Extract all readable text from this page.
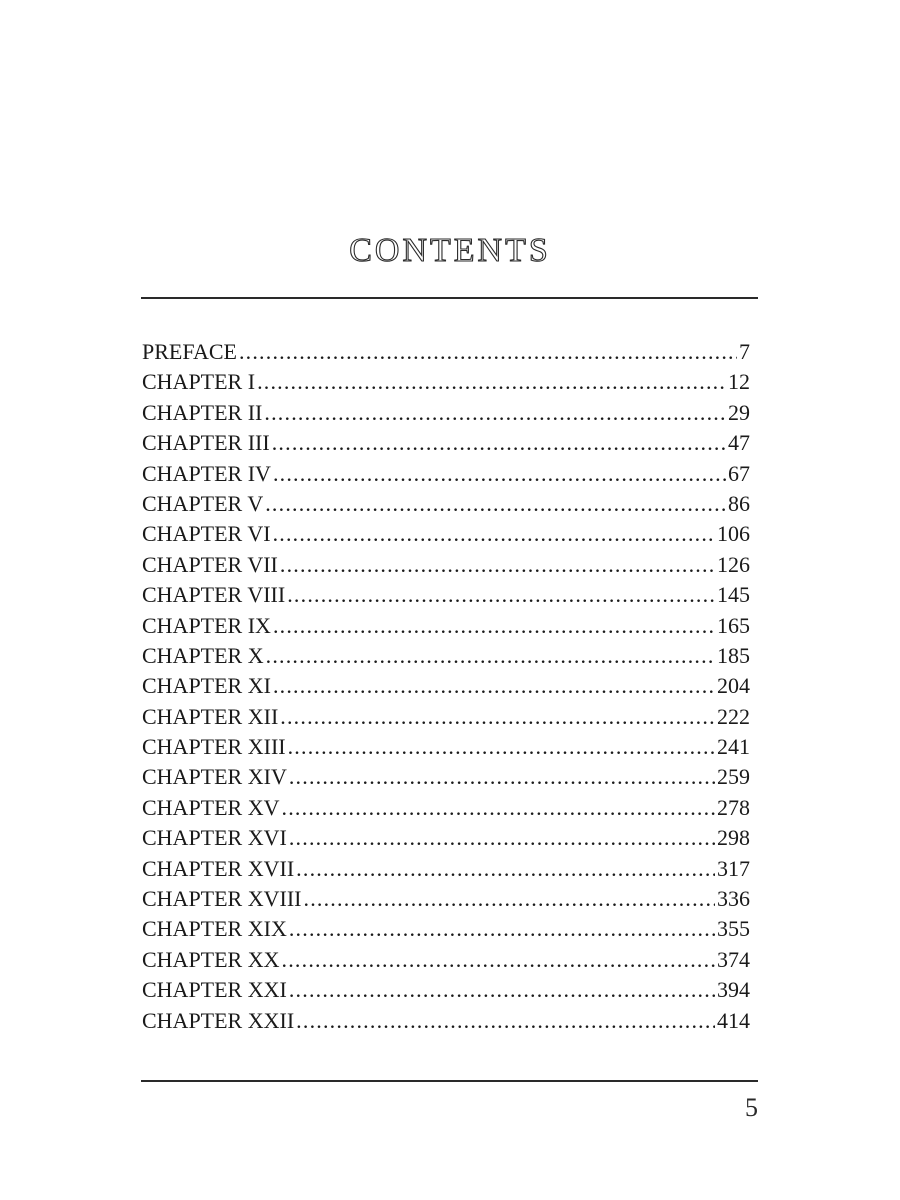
CONTENTS
PREFACE .....	7
CHAPTER I .....	12
CHAPTER II .....	29
CHAPTER III .....	47
CHAPTER IV .....	67
CHAPTER V .....	86
CHAPTER VI .....	106
CHAPTER VII .....	126
CHAPTER VIII .....	145
CHAPTER IX .....	165
CHAPTER X .....	185
CHAPTER XI .....	204
CHAPTER XII .....	222
CHAPTER XIII .....	241
CHAPTER XIV .....	259
CHAPTER XV .....	278
CHAPTER XVI .....	298
CHAPTER XVII .....	317
CHAPTER XVIII .....	336
CHAPTER XIX .....	355
CHAPTER XX .....	374
CHAPTER XXI .....	394
CHAPTER XXII .....	414
5
